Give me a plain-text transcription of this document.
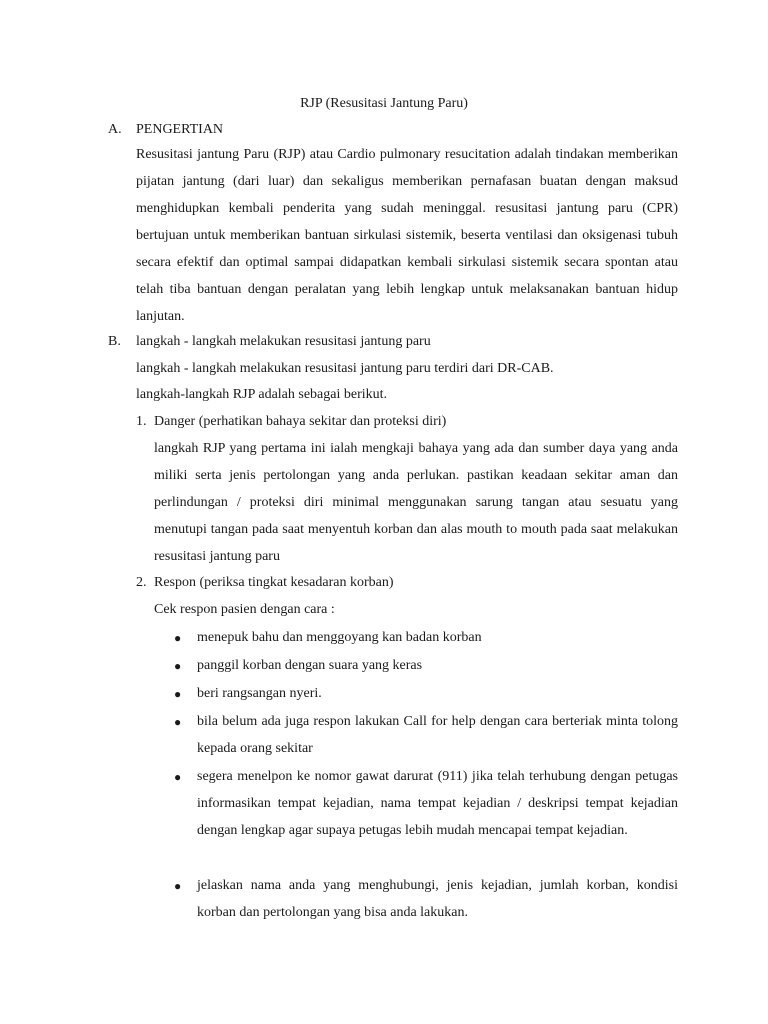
RJP (Resusitasi Jantung Paru)
A.	PENGERTIAN

Resusitasi jantung Paru (RJP) atau Cardio pulmonary resucitation adalah tindakan memberikan pijatan jantung (dari luar) dan sekaligus memberikan pernafasan buatan dengan maksud menghidupkan kembali penderita yang sudah meninggal. resusitasi jantung paru (CPR) bertujuan untuk memberikan bantuan sirkulasi sistemik, beserta ventilasi dan oksigenasi tubuh secara efektif dan optimal sampai didapatkan kembali sirkulasi sistemik secara spontan atau telah tiba bantuan dengan peralatan yang lebih lengkap untuk melaksanakan bantuan hidup lanjutan.

B.	langkah - langkah melakukan resusitasi jantung paru
langkah - langkah melakukan resusitasi jantung paru terdiri dari DR-CAB.
langkah-langkah RJP adalah sebagai berikut.
1. Danger (perhatikan bahaya sekitar dan proteksi diri)

langkah RJP yang pertama ini ialah mengkaji bahaya yang ada dan sumber daya yang anda miliki serta jenis pertolongan yang anda perlukan. pastikan keadaan sekitar aman dan perlindungan / proteksi diri minimal menggunakan sarung tangan atau sesuatu yang menutupi tangan pada saat menyentuh korban dan alas mouth to mouth pada saat melakukan resusitasi jantung paru

2. Respon (periksa tingkat kesadaran korban)
Cek respon pasien dengan cara :
● menepuk bahu dan menggoyang kan badan korban

● panggil korban dengan suara yang keras

● beri rangsangan nyeri.

● bila belum ada juga respon lakukan Call for help dengan cara berteriak minta tolong kepada orang sekitar

● segera menelpon ke nomor gawat darurat (911) jika telah terhubung dengan petugas informasikan tempat kejadian, nama tempat kejadian / deskripsi tempat kejadian dengan lengkap agar supaya petugas lebih mudah mencapai tempat kejadian.

● jelaskan nama anda yang menghubungi, jenis kejadian, jumlah korban, kondisi korban dan pertolongan yang bisa anda lakukan.
